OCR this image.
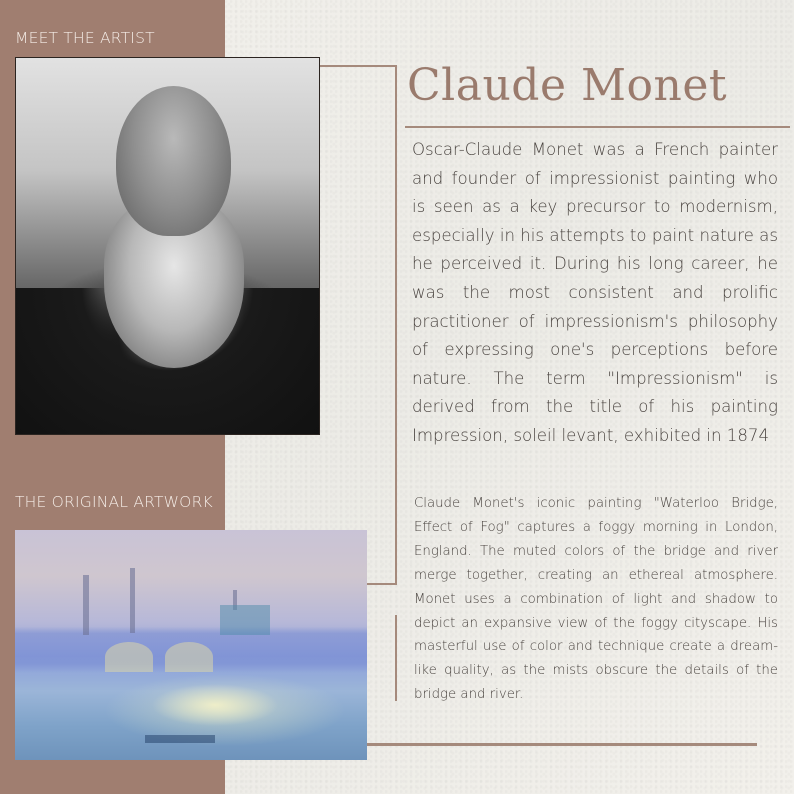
MEET THE ARTIST
THE ORIGINAL ARTWORK
Claude Monet

Oscar-Claude Monet was a French painter and founder of impressionist painting who is seen as a key precursor to modernism, especially in his attempts to paint nature as he perceived it. During his long career, he was the most consistent and prolific practitioner of impressionism's philosophy of expressing one's perceptions before nature. The term "Impressionism" is derived from the title of his painting Impression, soleil levant, exhibited in 1874

Claude Monet's iconic painting "Waterloo Bridge, Effect of Fog" captures a foggy morning in London, England. The muted colors of the bridge and river merge together, creating an ethereal atmosphere. Monet uses a combination of light and shadow to depict an expansive view of the foggy cityscape. His masterful use of color and technique create a dream-like quality, as the mists obscure the details of the bridge and river.
